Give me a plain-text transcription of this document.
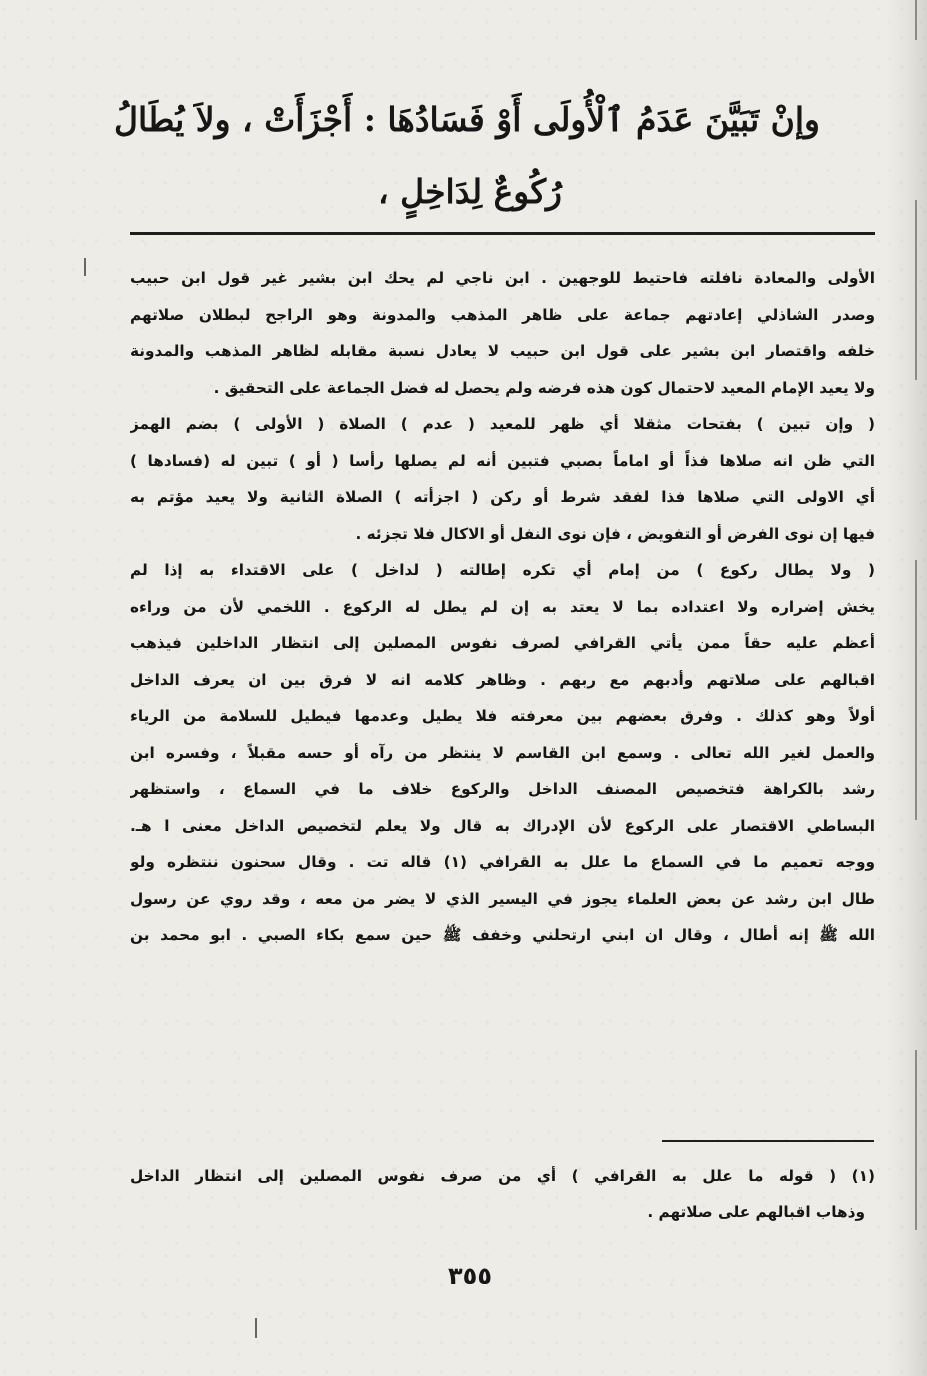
وإنْ تَبَيَّنَ عَدَمُ ٱلْأُولَى أَوْ فَسَادُهَا : أَجْزَأَتْ ، ولاَ يُطَالُ
رُكُوعٌ لِدَاخِلٍ ،
الأولى والمعادة نافلته فاحتيط للوجهين . ابن ناجي لم يحك ابن بشير غير قول ابن حبيب
وصدر الشاذلي إعادتهم جماعة على ظاهر المذهب والمدونة وهو الراجح لبطلان صلاتهم
خلفه واقتصار ابن بشير على قول ابن حبيب لا يعادل نسبة مقابله لظاهر المذهب والمدونة
ولا يعيد الإمام المعيد لاحتمال كون هذه فرضه ولم يحصل له فضل الجماعة على التحقيق .
( وإن تبين ) بفتحات مثقلا أي ظهر للمعيد ( عدم ) الصلاة ( الأولى ) بضم الهمز
التي ظن انه صلاها فذاً أو اماماً بصبي فتبين أنه لم يصلها رأسا ( أو ) تبين له (فسادها )
أي الاولى التي صلاها فذا لفقد شرط أو ركن ( اجزأته ) الصلاة الثانية ولا يعيد مؤتم به
فيها إن نوى الفرض أو التفويض ، فإن نوى النفل أو الاكال فلا تجزئه .
( ولا يطال ركوع ) من إمام أي تكره إطالته ( لداخل ) على الاقتداء به إذا لم
يخش إضراره ولا اعتداده بما لا يعتد به إن لم يطل له الركوع . اللخمي لأن من وراءه
أعظم عليه حقاً ممن يأتي القرافي لصرف نفوس المصلين إلى انتظار الداخلين فيذهب
اقبالهم على صلاتهم وأدبهم مع ربهم . وظاهر كلامه انه لا فرق بين ان يعرف الداخل
أولاً وهو كذلك . وفرق بعضهم بين معرفته فلا يطيل وعدمها فيطيل للسلامة من الرياء
والعمل لغير الله تعالى . وسمع ابن القاسم لا ينتظر من رآه أو حسه مقبلاً ، وفسره ابن
رشد بالكراهة فتخصيص المصنف الداخل والركوع خلاف ما في السماع ، واستظهر
البساطي الاقتصار على الركوع لأن الإدراك به قال ولا يعلم لتخصيص الداخل معنى ا هـ.
ووجه تعميم ما في السماع ما علل به القرافي (١) قاله تت . وقال سحنون ننتظره ولو
طال ابن رشد عن بعض العلماء يجوز في اليسير الذي لا يضر من معه ، وقد روي عن رسول
الله ﷺ إنه أطال ، وقال ان ابني ارتحلني وخفف ﷺ حين سمع بكاء الصبي . ابو محمد بن
(١) ( قوله ما علل به القرافي ) أي من صرف نفوس المصلين إلى انتظار الداخل
وذهاب اقبالهم على صلاتهم .
٣٥٥
